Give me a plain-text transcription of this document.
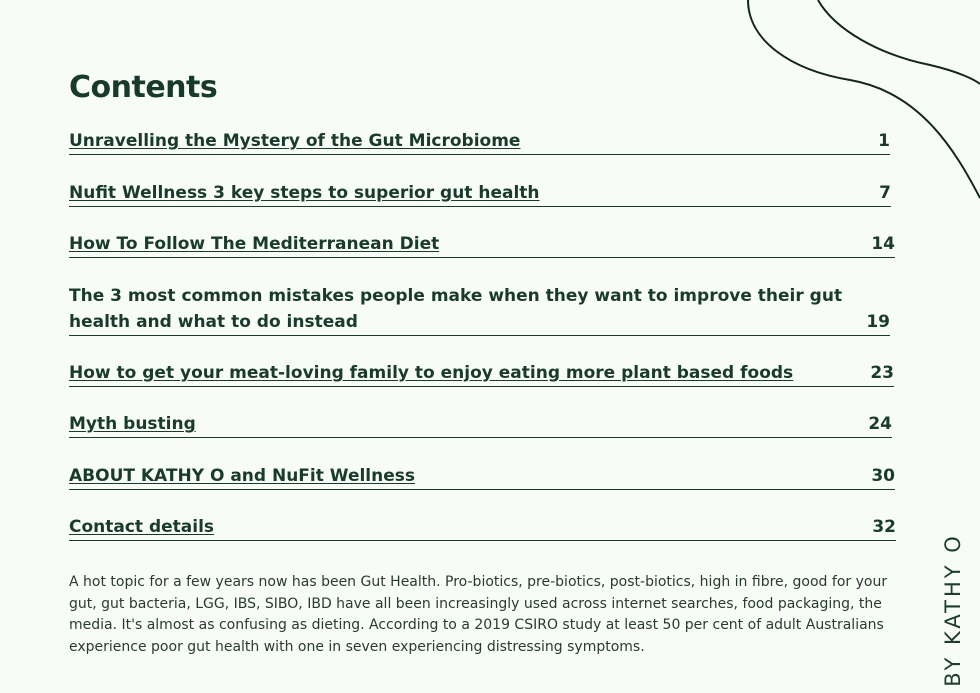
Contents
Unravelling the Mystery of the Gut Microbiome	1
Nufit Wellness 3 key steps to superior gut health	7
How To Follow The Mediterranean Diet	14
The 3 most common mistakes people make when they want to improve their gut health and what to do instead	19
How to get your meat-loving family to enjoy eating more plant based foods	23
Myth busting	24
ABOUT KATHY O and NuFit Wellness	30
Contact details	32

A hot topic for a few years now has been Gut Health. Pro-biotics, pre-biotics, post-biotics, high in fibre, good for your gut, gut bacteria, LGG, IBS, SIBO, IBD have all been increasingly used across internet searches, food packaging, the media. It's almost as confusing as dieting. According to a 2019 CSIRO study at least 50 per cent of adult Australians experience poor gut health with one in seven experiencing distressing symptoms.	BY KATHY O
